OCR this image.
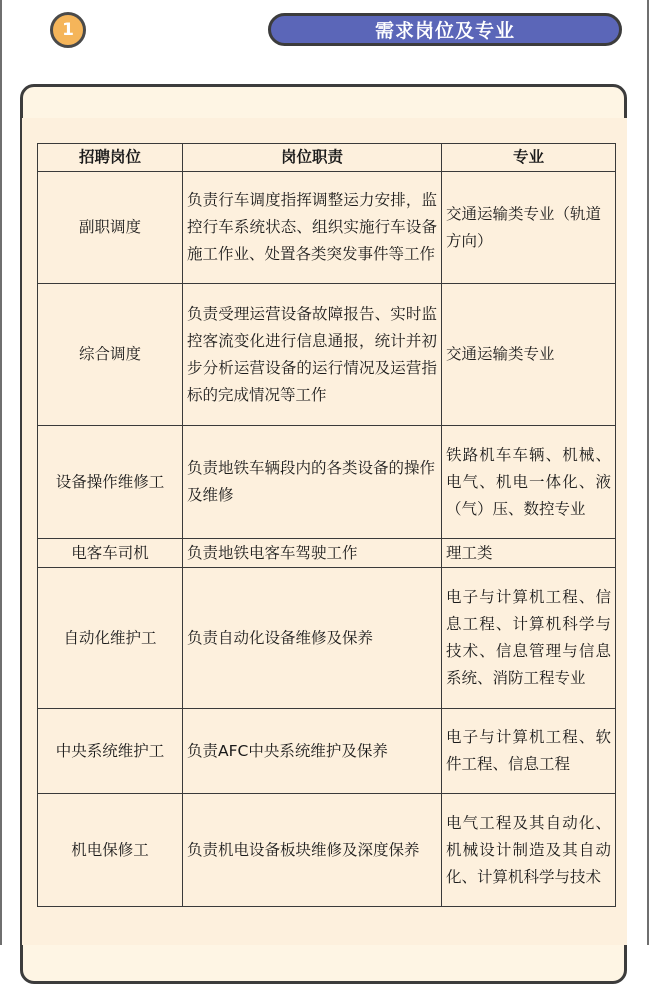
1	需求岗位及专业
招聘岗位	岗位职责	专业
副职调度	负责行车调度指挥调整运力安排，监控行车系统状态、组织实施行车设备施工作业、处置各类突发事件等工作	交通运输类专业（轨道方向）
综合调度	负责受理运营设备故障报告、实时监控客流变化进行信息通报，统计并初步分析运营设备的运行情况及运营指标的完成情况等工作	交通运输类专业
设备操作维修工	负责地铁车辆段内的各类设备的操作及维修	铁路机车车辆、机械、电气、机电一体化、液（气）压、数控专业
电客车司机	负责地铁电客车驾驶工作	理工类
自动化维护工	负责自动化设备维修及保养	电子与计算机工程、信息工程、计算机科学与技术、信息管理与信息系统、消防工程专业
中央系统维护工	负责AFC中央系统维护及保养	电子与计算机工程、软件工程、信息工程
机电保修工	负责机电设备板块维修及深度保养	电气工程及其自动化、机械设计制造及其自动化、计算机科学与技术
